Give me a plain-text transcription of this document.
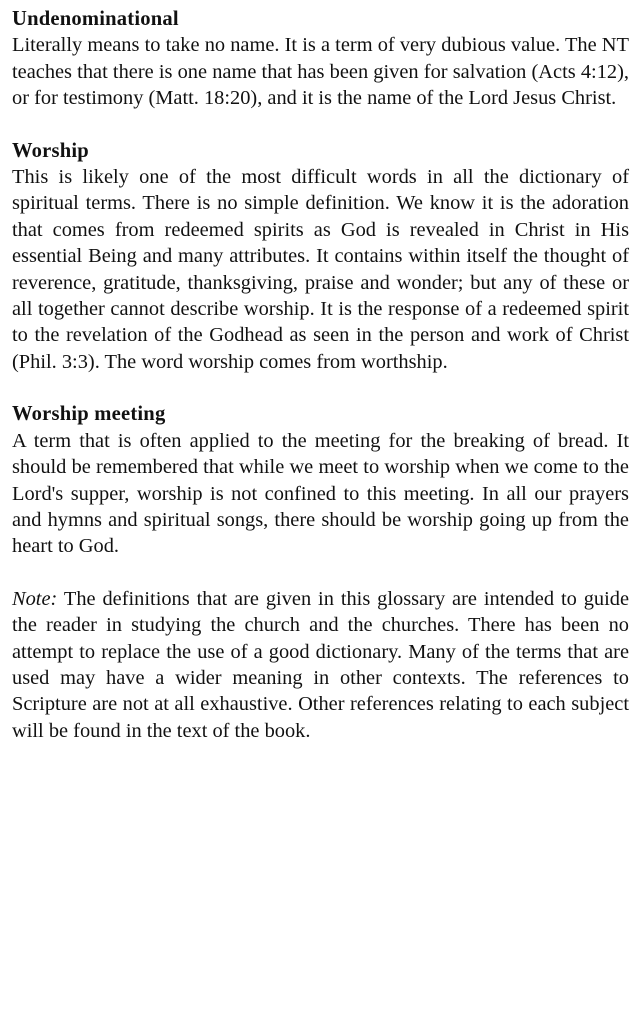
Undenominational

Literally means to take no name. It is a term of very dubious value. The NT teaches that there is one name that has been given for salvation (Acts 4:12), or for testimony (Matt. 18:20), and it is the name of the Lord Jesus Christ.

Worship

This is likely one of the most difficult words in all the dictionary of spiritual terms. There is no simple definition. We know it is the adoration that comes from redeemed spirits as God is revealed in Christ in His essential Being and many attributes. It contains within itself the thought of reverence, gratitude, thanksgiving, praise and wonder; but any of these or all together cannot describe worship. It is the response of a redeemed spirit to the revelation of the Godhead as seen in the person and work of Christ (Phil. 3:3). The word worship comes from worthship.

Worship meeting

A term that is often applied to the meeting for the breaking of bread. It should be remembered that while we meet to worship when we come to the Lord's supper, worship is not confined to this meeting. In all our prayers and hymns and spiritual songs, there should be worship going up from the heart to God.

Note: The definitions that are given in this glossary are intended to guide the reader in studying the church and the churches. There has been no attempt to replace the use of a good dictionary. Many of the terms that are used may have a wider meaning in other contexts. The references to Scripture are not at all exhaustive. Other references relating to each subject will be found in the text of the book.
